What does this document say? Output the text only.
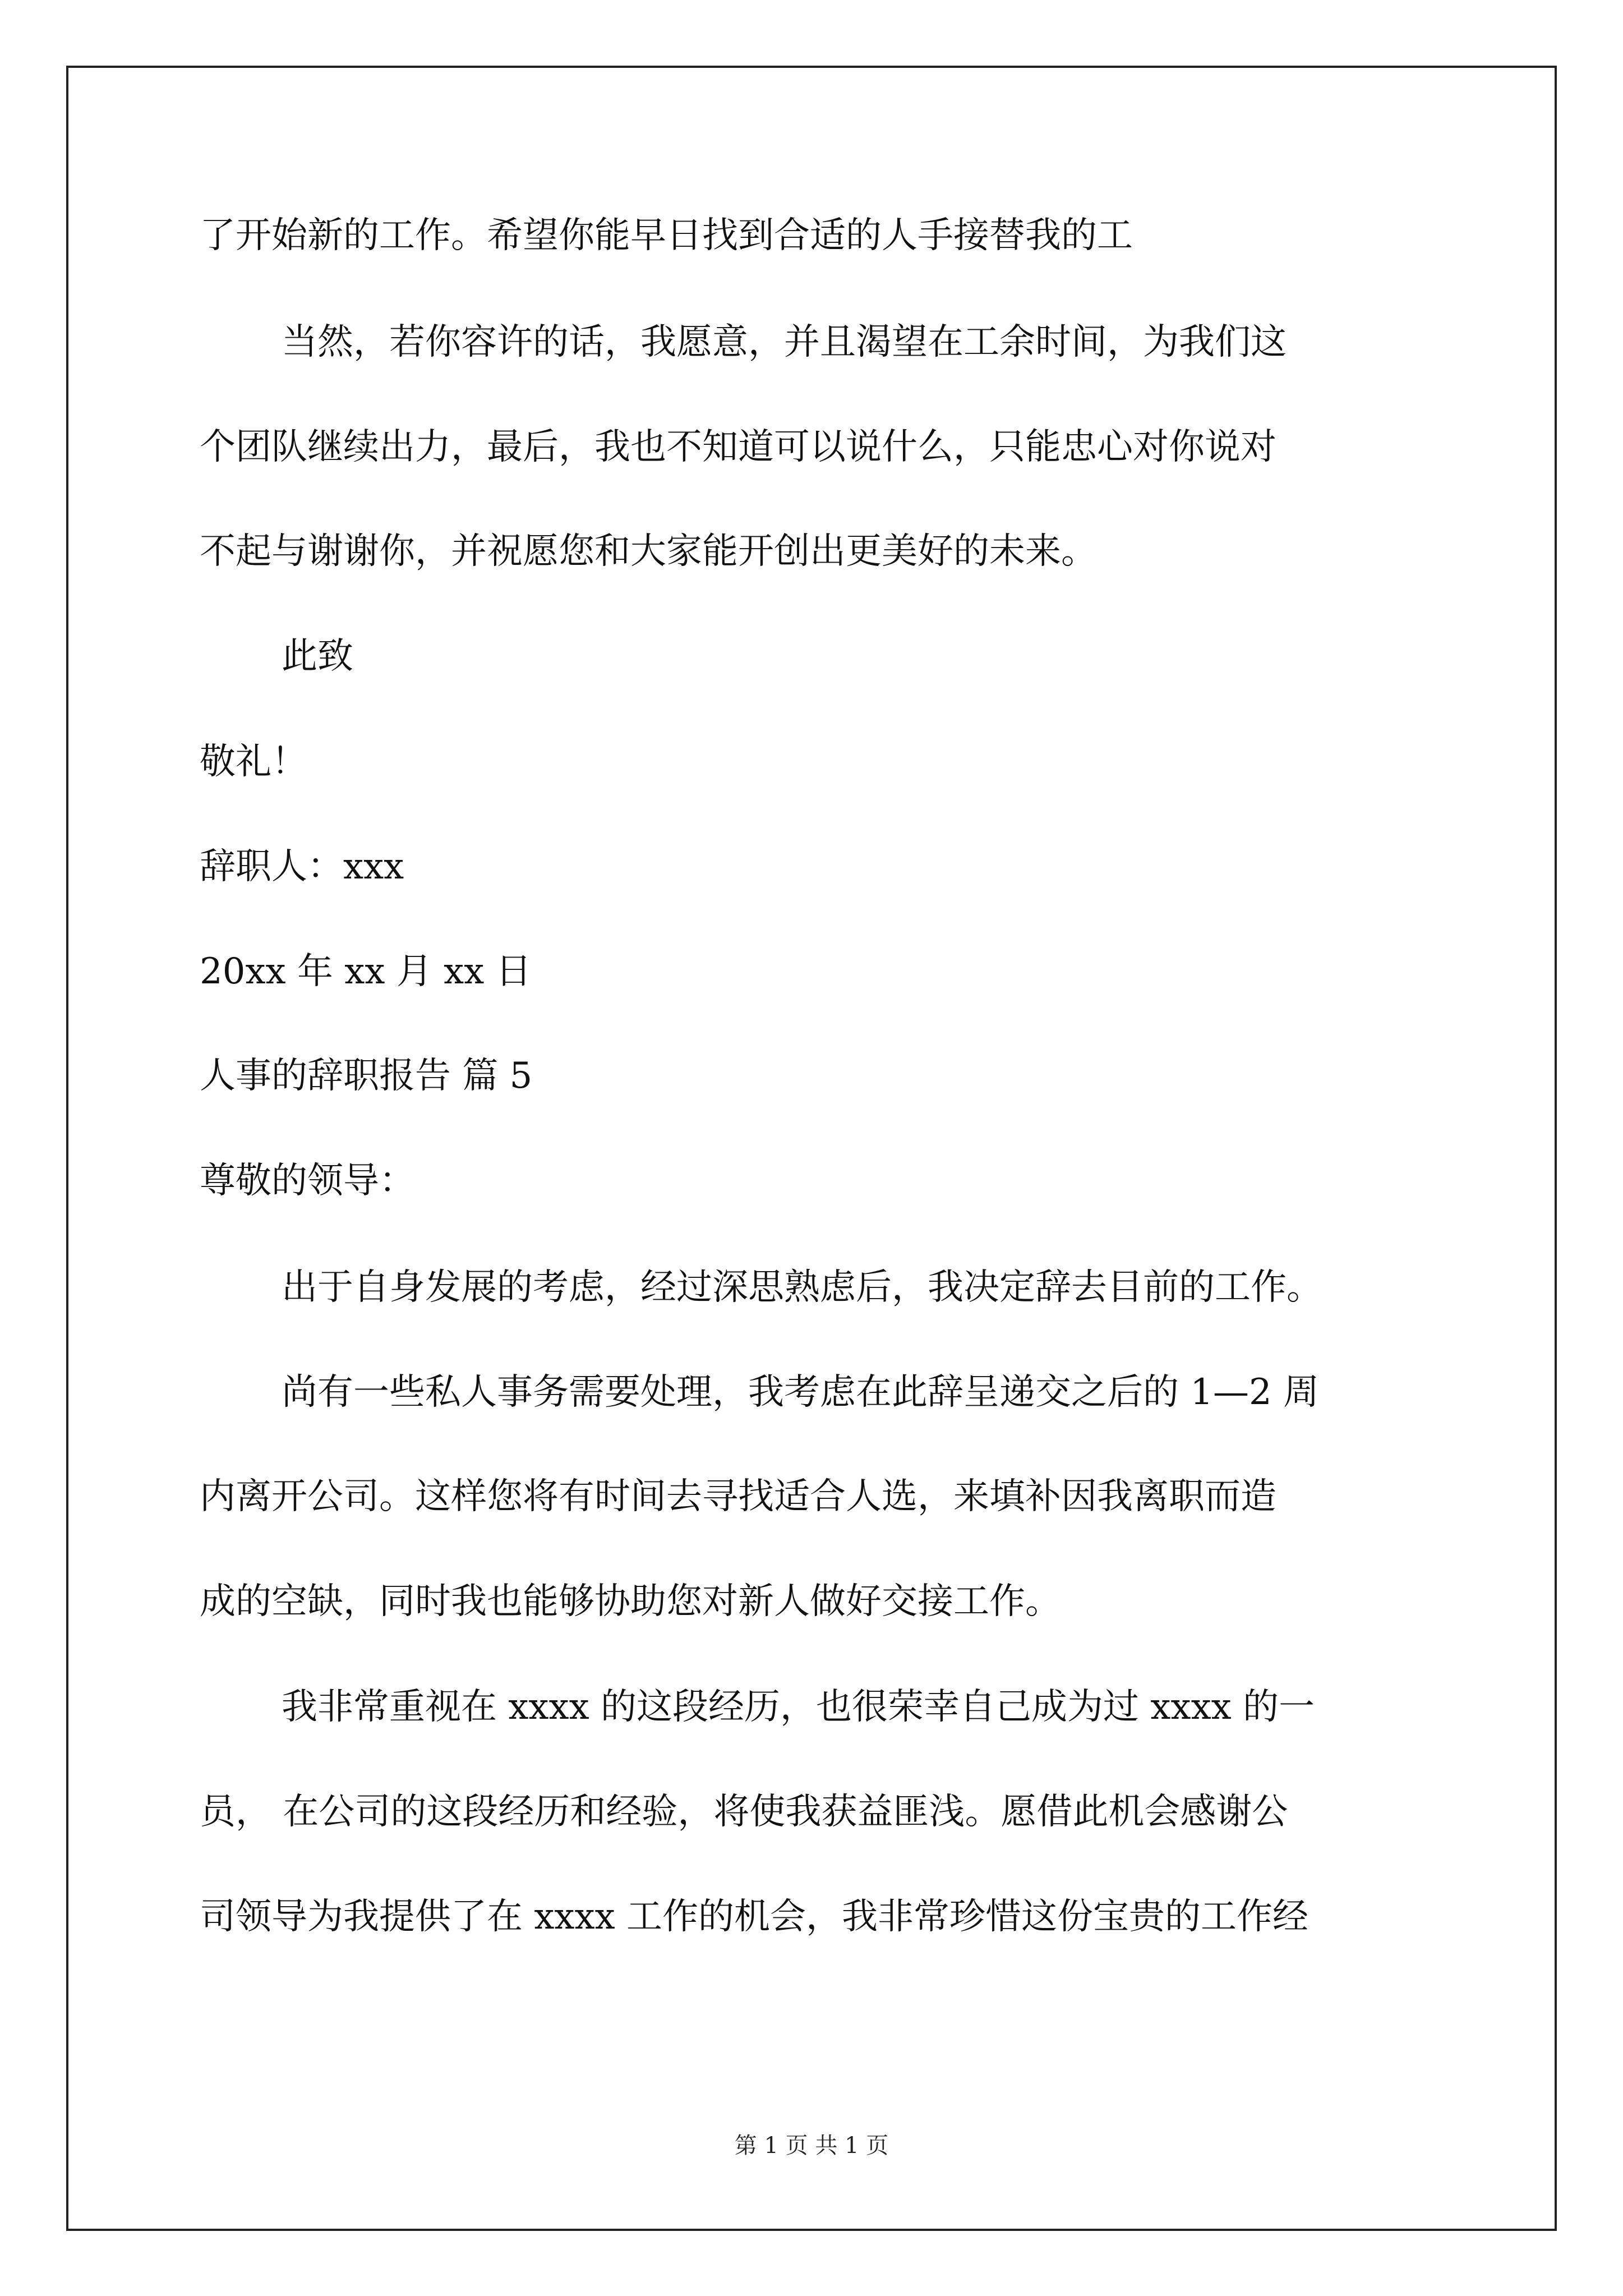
了开始新的工作。希望你能早日找到合适的人手接替我的工
当然，若你容许的话，我愿意，并且渴望在工余时间，为我们这
个团队继续出力，最后，我也不知道可以说什么，只能忠心对你说对
不起与谢谢你，并祝愿您和大家能开创出更美好的未来。
此致
敬礼！
辞职人：xxx
20xx 年 xx 月 xx 日
人事的辞职报告 篇 5
尊敬的领导：
出于自身发展的考虑，经过深思熟虑后，我决定辞去目前的工作。
尚有一些私人事务需要处理，我考虑在此辞呈递交之后的 1—2 周
内离开公司。这样您将有时间去寻找适合人选，来填补因我离职而造
成的空缺，同时我也能够协助您对新人做好交接工作。
我非常重视在 xxxx 的这段经历，也很荣幸自己成为过 xxxx 的一
员， 在公司的这段经历和经验，将使我获益匪浅。愿借此机会感谢公
司领导为我提供了在 xxxx 工作的机会，我非常珍惜这份宝贵的工作经
第 1 页 共 1 页
